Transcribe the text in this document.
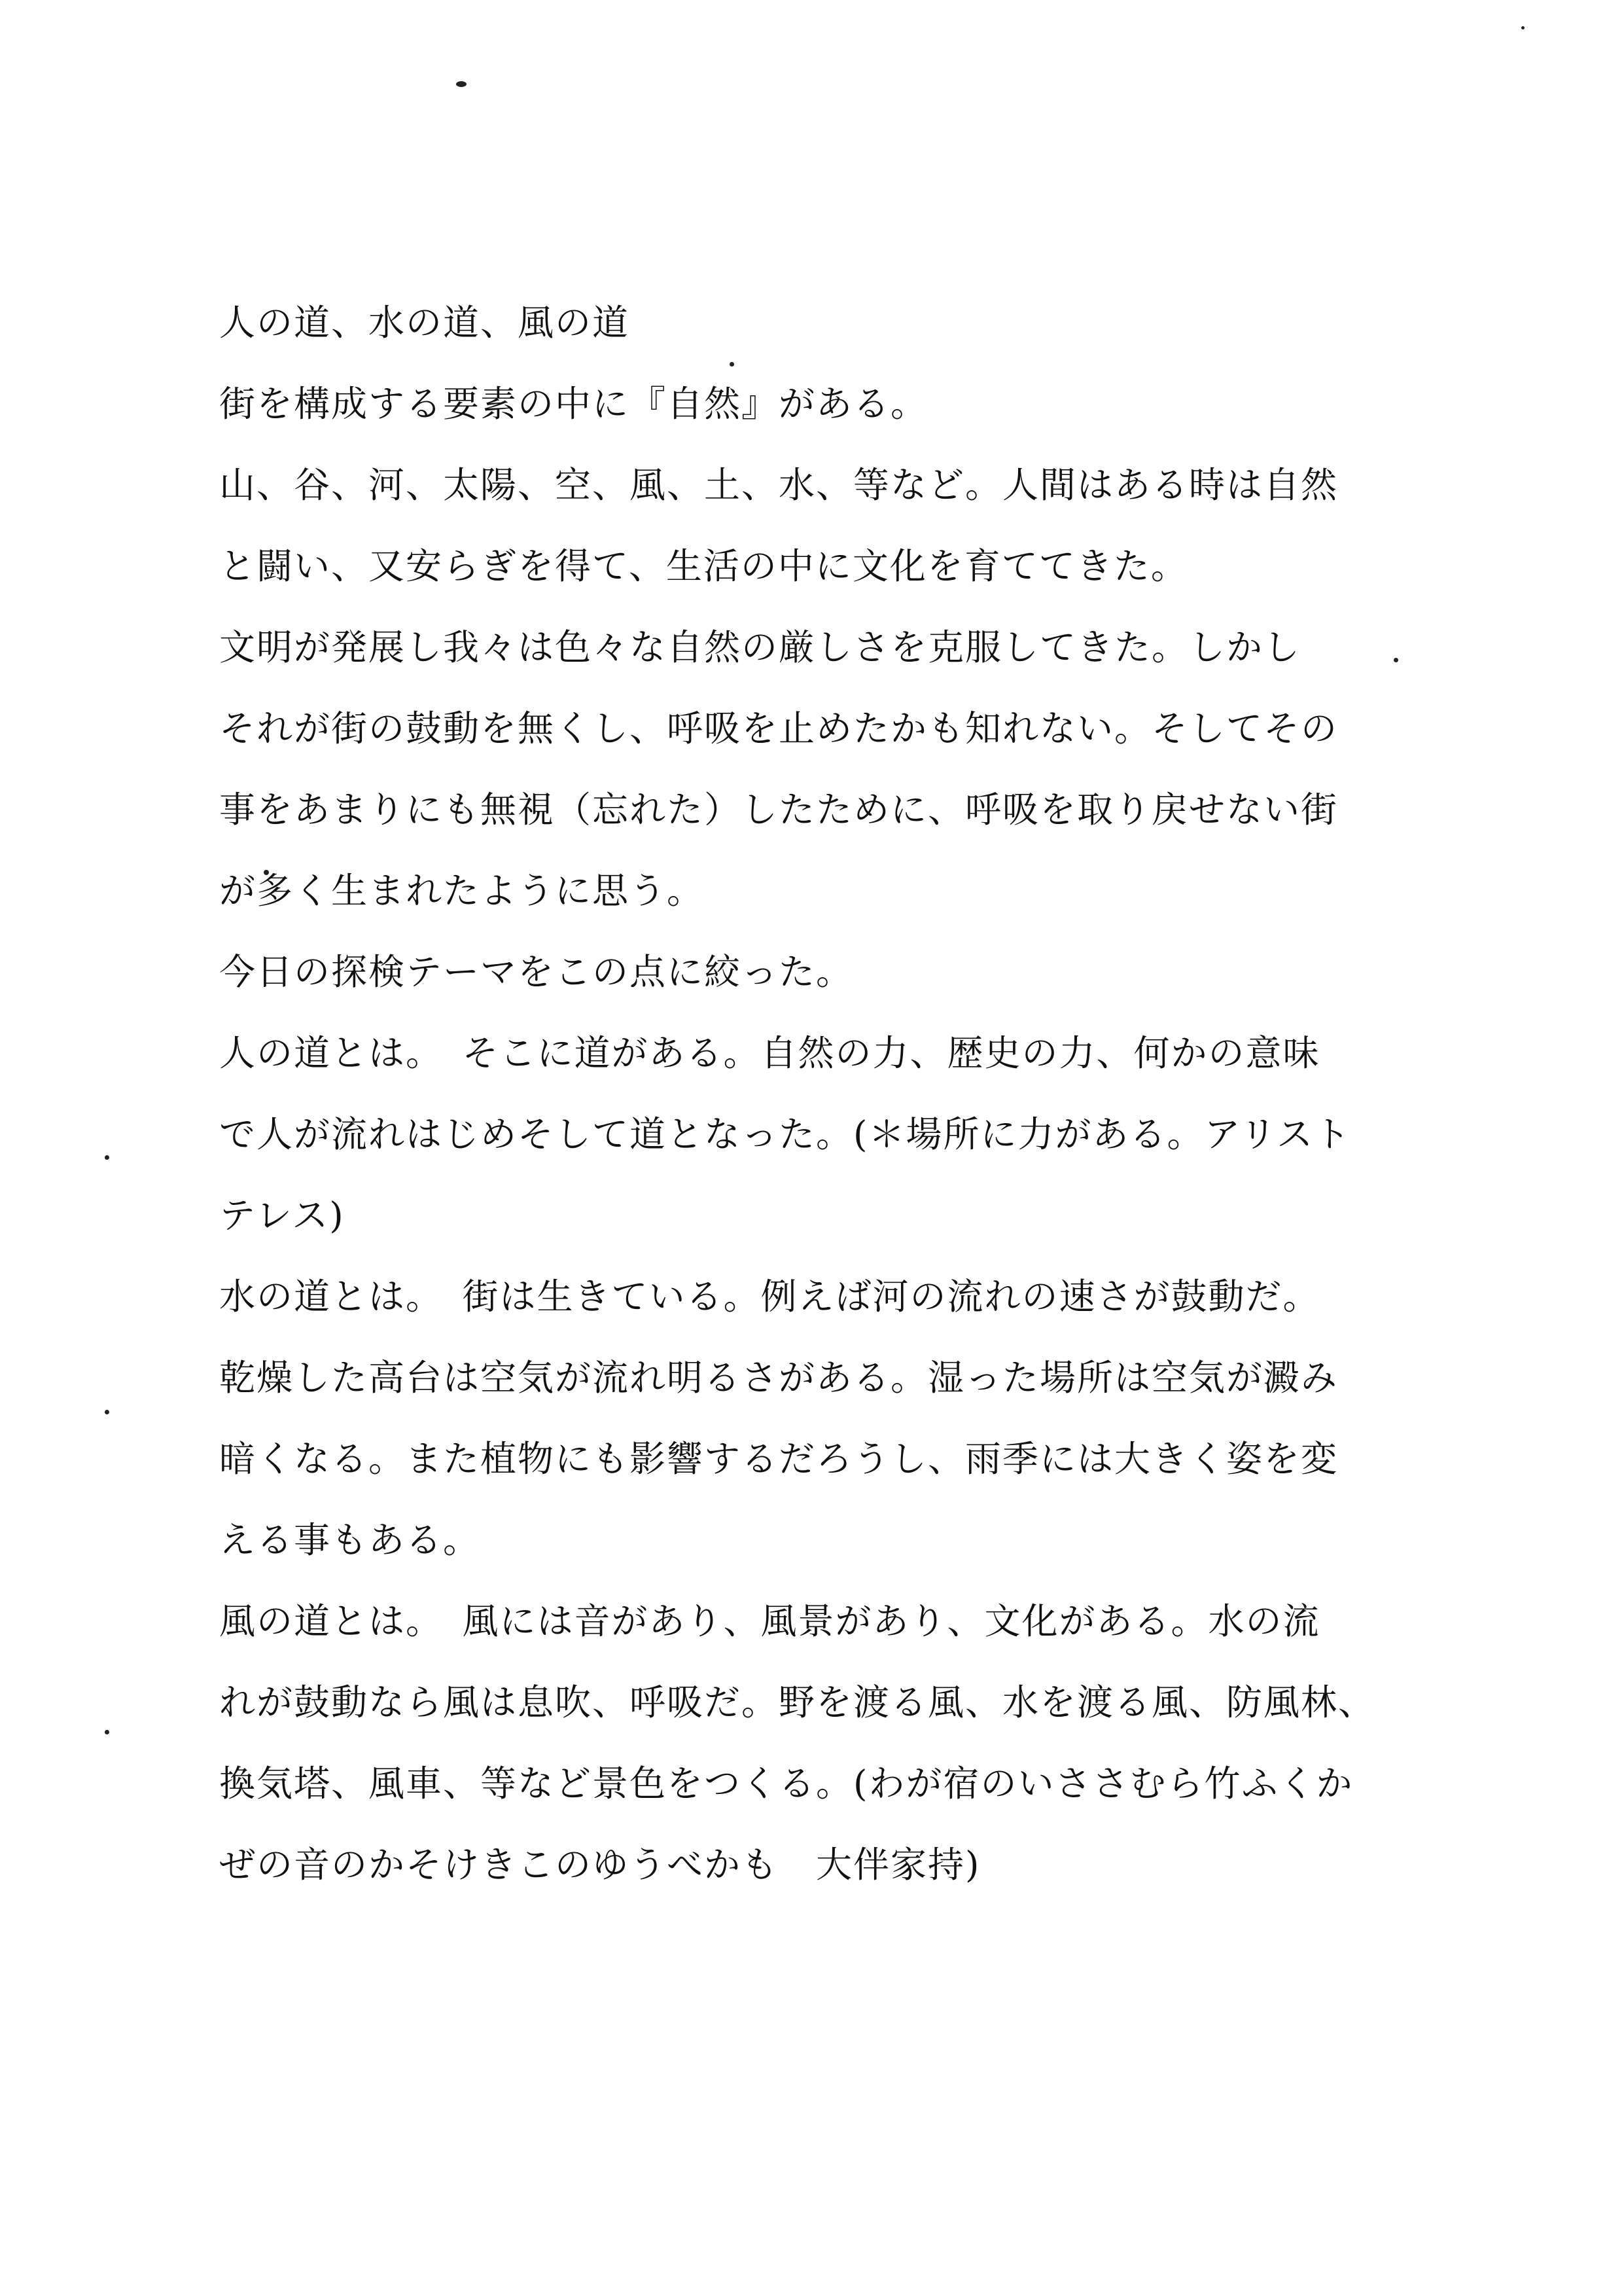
人の道、水の道、風の道
街を構成する要素の中に『自然』がある。
山、谷、河、太陽、空、風、土、水、等など。人間はある時は自然
と闘い、又安らぎを得て、生活の中に文化を育ててきた。
文明が発展し我々は色々な自然の厳しさを克服してきた。しかし
それが街の鼓動を無くし、呼吸を止めたかも知れない。そしてその
事をあまりにも無視（忘れた）したために、呼吸を取り戻せない街
が多く生まれたように思う。
今日の探検テーマをこの点に絞った。
人の道とは。　そこに道がある。自然の力、歴史の力、何かの意味
で人が流れはじめそして道となった。(＊場所に力がある。アリスト
テレス)
水の道とは。　街は生きている。例えば河の流れの速さが鼓動だ。
乾燥した高台は空気が流れ明るさがある。湿った場所は空気が澱み
暗くなる。また植物にも影響するだろうし、雨季には大きく姿を変
える事もある。
風の道とは。　風には音があり、風景があり、文化がある。水の流
れが鼓動なら風は息吹、呼吸だ。野を渡る風、水を渡る風、防風林、
換気塔、風車、等など景色をつくる。(わが宿のいささむら竹ふくか
ぜの音のかそけきこのゆうべかも　大伴家持)
